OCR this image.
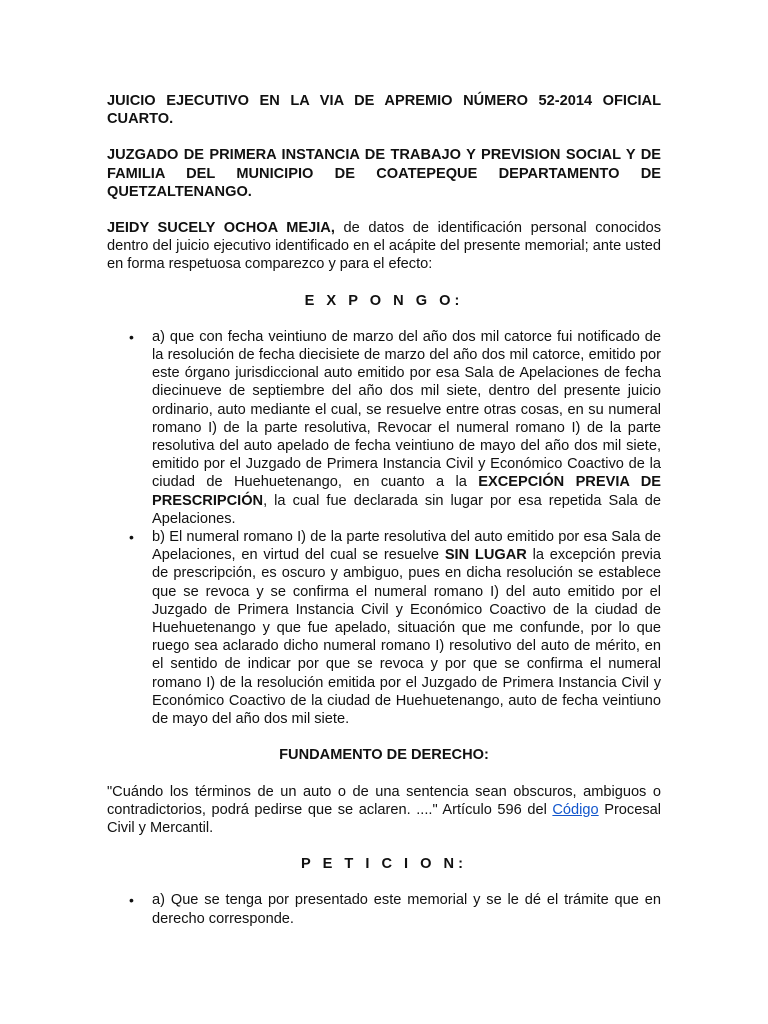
JUICIO EJECUTIVO EN LA VIA DE APREMIO NÚMERO 52-2014 OFICIAL CUARTO.

JUZGADO DE PRIMERA INSTANCIA DE TRABAJO Y PREVISION SOCIAL Y DE FAMILIA DEL MUNICIPIO DE COATEPEQUE DEPARTAMENTO DE QUETZALTENANGO.

JEIDY SUCELY OCHOA MEJIA, de datos de identificación personal conocidos dentro del juicio ejecutivo identificado en el acápite del presente memorial; ante usted en forma respetuosa comparezco y para el efecto:

E X P O N G O:

• a) que con fecha veintiuno de marzo del año dos mil catorce fui notificado de la resolución de fecha diecisiete de marzo del año dos mil catorce, emitido por este órgano jurisdiccional auto emitido por esa Sala de Apelaciones de fecha diecinueve de septiembre del año dos mil siete, dentro del presente juicio ordinario, auto mediante el cual, se resuelve entre otras cosas, en su numeral romano I) de la parte resolutiva, Revocar el numeral romano I) de la parte resolutiva del auto apelado de fecha veintiuno de mayo del año dos mil siete, emitido por el Juzgado de Primera Instancia Civil y Económico Coactivo de la ciudad de Huehuetenango, en cuanto a la EXCEPCIÓN PREVIA DE PRESCRIPCIÓN, la cual fue declarada sin lugar por esa repetida Sala de Apelaciones.
• b) El numeral romano I) de la parte resolutiva del auto emitido por esa Sala de Apelaciones, en virtud del cual se resuelve SIN LUGAR la excepción previa de prescripción, es oscuro y ambiguo, pues en dicha resolución se establece que se revoca y se confirma el numeral romano I) del auto emitido por el Juzgado de Primera Instancia Civil y Económico Coactivo de la ciudad de Huehuetenango y que fue apelado, situación que me confunde, por lo que ruego sea aclarado dicho numeral romano I) resolutivo del auto de mérito, en el sentido de indicar por que se revoca y por que se confirma el numeral romano I) de la resolución emitida por el Juzgado de Primera Instancia Civil y Económico Coactivo de la ciudad de Huehuetenango, auto de fecha veintiuno de mayo del año dos mil siete.

FUNDAMENTO DE DERECHO:

"Cuándo los términos de un auto o de una sentencia sean obscuros, ambiguos o contradictorios, podrá pedirse que se aclaren. ...." Artículo 596 del Código Procesal Civil y Mercantil.

P E T I C I O N:

• a) Que se tenga por presentado este memorial y se le dé el trámite que en derecho corresponde.
